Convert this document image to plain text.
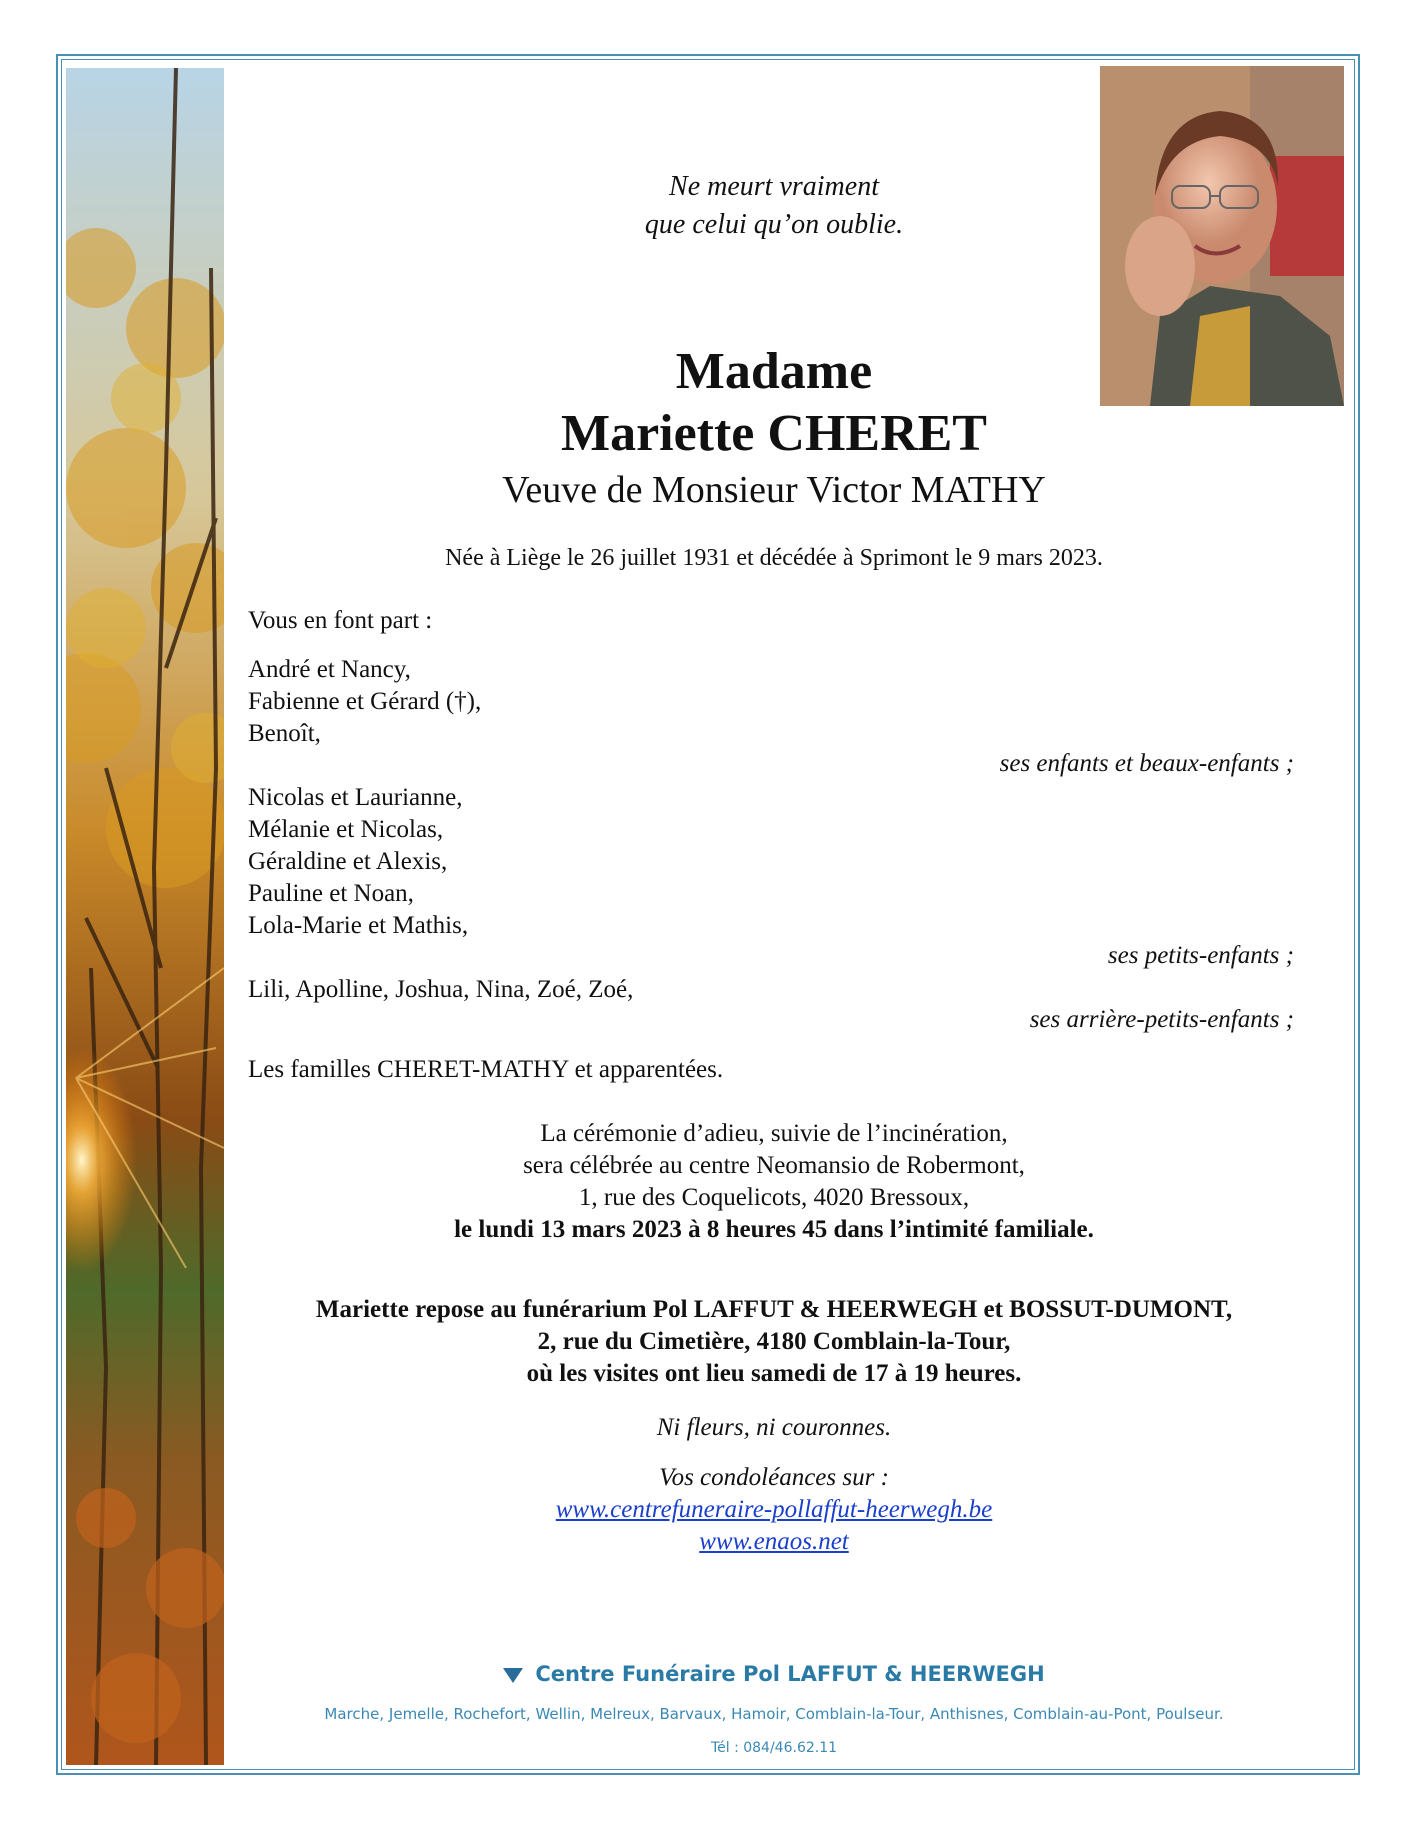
Ne meurt vraiment

que celui qu’on oublie.

Madame

Mariette CHERET

Veuve de Monsieur Victor MATHY

Née à Liège le 26 juillet 1931 et décédée à Sprimont le 9 mars 2023.

Vous en font part :

André et Nancy,

Fabienne et Gérard (†),

Benoît,

ses enfants et beaux-enfants ;

Nicolas et Laurianne,

Mélanie et Nicolas,

Géraldine et Alexis,

Pauline et Noan,

Lola-Marie et Mathis,

ses petits-enfants ;

Lili, Apolline, Joshua, Nina, Zoé, Zoé,

ses arrière-petits-enfants ;

Les familles CHERET-MATHY et apparentées.

La cérémonie d’adieu, suivie de l’incinération,

sera célébrée au centre Neomansio de Robermont,

1, rue des Coquelicots, 4020 Bressoux,

le lundi 13 mars 2023 à 8 heures 45 dans l’intimité familiale.

Mariette repose au funérarium Pol LAFFUT & HEERWEGH et BOSSUT-DUMONT,

2, rue du Cimetière, 4180 Comblain-la-Tour,

où les visites ont lieu samedi de 17 à 19 heures.

Ni fleurs, ni couronnes.

Vos condoléances sur :

www.centrefuneraire-pollaffut-heerwegh.be

www.enaos.net

Centre Funéraire Pol LAFFUT & HEERWEGH

Marche, Jemelle, Rochefort, Wellin, Melreux, Barvaux, Hamoir, Comblain-la-Tour, Anthisnes, Comblain-au-Pont, Poulseur.

Tél : 084/46.62.11
